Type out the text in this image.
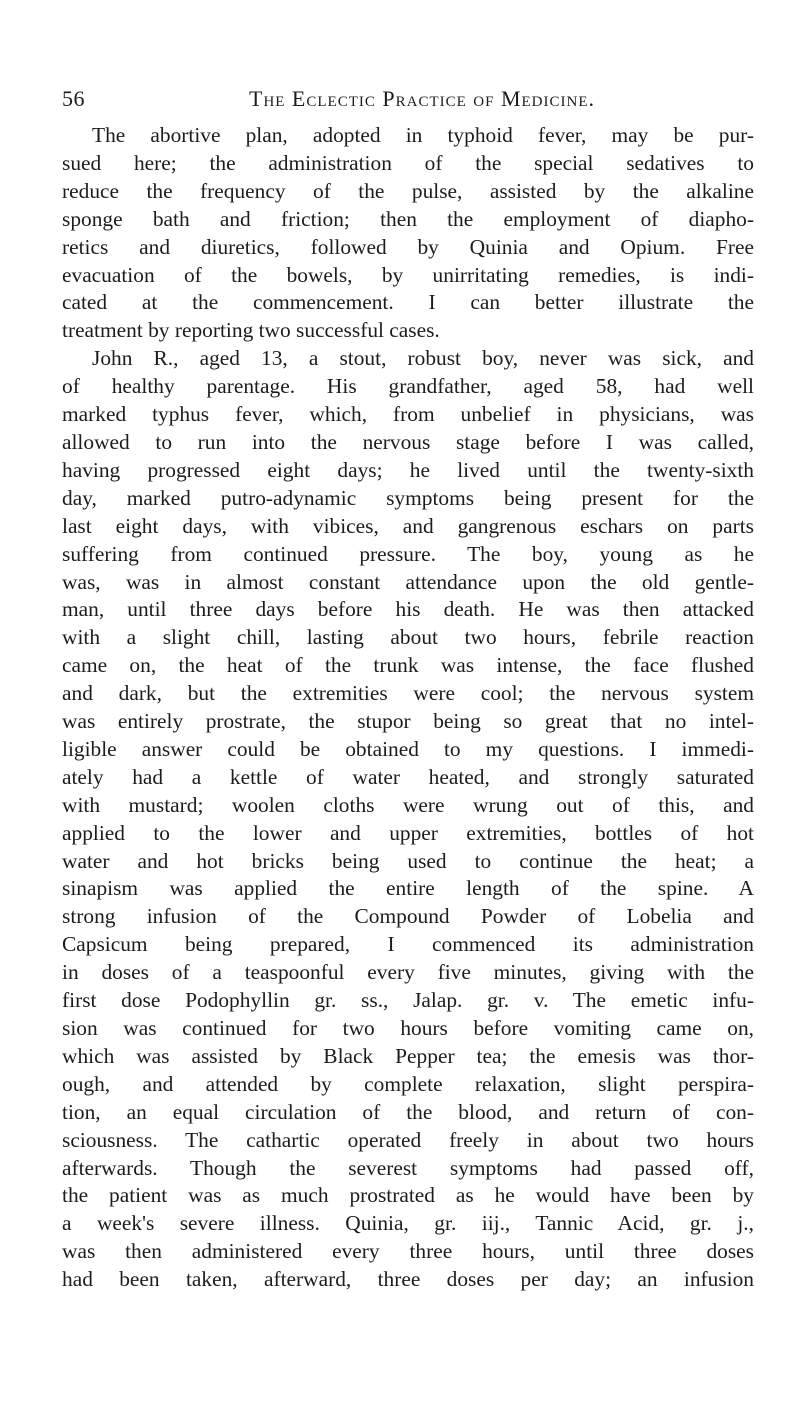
56	The Eclectic Practice of Medicine.
The abortive plan, adopted in typhoid fever, may be pur-
sued here; the administration of the special sedatives to
reduce the frequency of the pulse, assisted by the alkaline
sponge bath and friction; then the employment of diapho-
retics and diuretics, followed by Quinia and Opium. Free
evacuation of the bowels, by unirritating remedies, is indi-
cated at the commencement. I can better illustrate the
treatment by reporting two successful cases.
John R., aged 13, a stout, robust boy, never was sick, and
of healthy parentage. His grandfather, aged 58, had well
marked typhus fever, which, from unbelief in physicians, was
allowed to run into the nervous stage before I was called,
having progressed eight days; he lived until the twenty-sixth
day, marked putro-adynamic symptoms being present for the
last eight days, with vibices, and gangrenous eschars on parts
suffering from continued pressure. The boy, young as he
was, was in almost constant attendance upon the old gentle-
man, until three days before his death. He was then attacked
with a slight chill, lasting about two hours, febrile reaction
came on, the heat of the trunk was intense, the face flushed
and dark, but the extremities were cool; the nervous system
was entirely prostrate, the stupor being so great that no intel-
ligible answer could be obtained to my questions. I immedi-
ately had a kettle of water heated, and strongly saturated
with mustard; woolen cloths were wrung out of this, and
applied to the lower and upper extremities, bottles of hot
water and hot bricks being used to continue the heat; a
sinapism was applied the entire length of the spine. A
strong infusion of the Compound Powder of Lobelia and
Capsicum being prepared, I commenced its administration
in doses of a teaspoonful every five minutes, giving with the
first dose Podophyllin gr. ss., Jalap. gr. v. The emetic infu-
sion was continued for two hours before vomiting came on,
which was assisted by Black Pepper tea; the emesis was thor-
ough, and attended by complete relaxation, slight perspira-
tion, an equal circulation of the blood, and return of con-
sciousness. The cathartic operated freely in about two hours
afterwards. Though the severest symptoms had passed off,
the patient was as much prostrated as he would have been by
a week's severe illness. Quinia, gr. iij., Tannic Acid, gr. j.,
was then administered every three hours, until three doses
had been taken, afterward, three doses per day; an infusion
